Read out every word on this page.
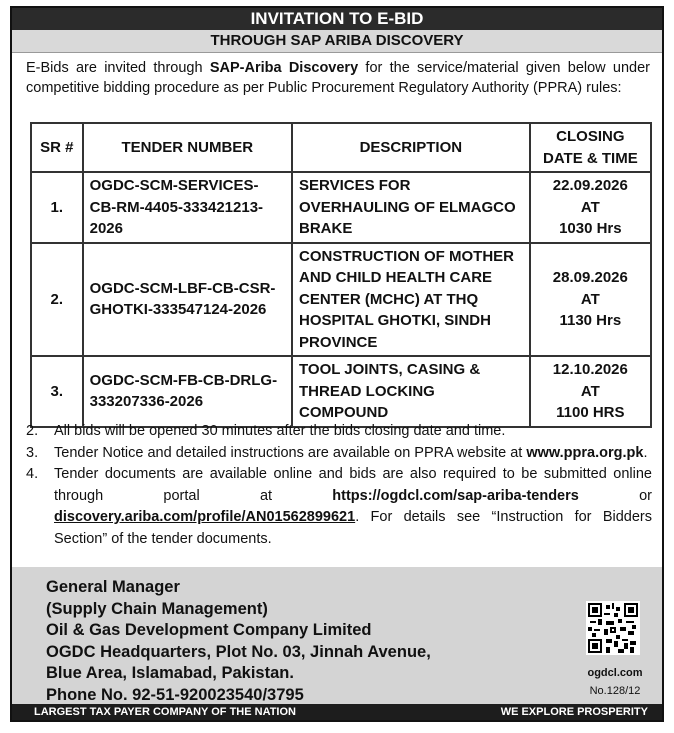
INVITATION TO E-BID
THROUGH SAP ARIBA DISCOVERY
E-Bids are invited through SAP-Ariba Discovery for the service/material given below under competitive bidding procedure as per Public Procurement Regulatory Authority (PPRA) rules:
SR #	TENDER NUMBER	DESCRIPTION	CLOSING DATE & TIME
1.	OGDC-SCM-SERVICES-CB-RM-4405-333421213-2026	SERVICES FOR OVERHAULING OF ELMAGCO BRAKE	22.09.2026
AT
1030 Hrs

2.	OGDC-SCM-LBF-CB-CSR-GHOTKI-333547124-2026	CONSTRUCTION OF MOTHER AND CHILD HEALTH CARE CENTER (MCHC) AT THQ HOSPITAL GHOTKI, SINDH PROVINCE	28.09.2026
AT
1130 Hrs

3.	OGDC-SCM-FB-CB-DRLG-333207336-2026	TOOL JOINTS, CASING & THREAD LOCKING COMPOUND	12.10.2026
AT
1100 HRS
2.	All bids will be opened 30 minutes after the bids closing date and time.
3.	Tender Notice and detailed instructions are available on PPRA website at www.ppra.org.pk.
4.	Tender documents are available online and bids are also required to be submitted online through portal at https://ogdcl.com/sap-ariba-tenders or discovery.ariba.com/profile/AN01562899621. For details see “Instruction for Bidders Section” of the tender documents.
General Manager
(Supply Chain Management)
Oil & Gas Development Company Limited
OGDC Headquarters, Plot No. 03, Jinnah Avenue,
Blue Area, Islamabad, Pakistan.
Phone No. 92-51-920023540/3795
ogdcl.com
No.128/12
LARGEST TAX PAYER COMPANY OF THE NATION	WE EXPLORE PROSPERITY
